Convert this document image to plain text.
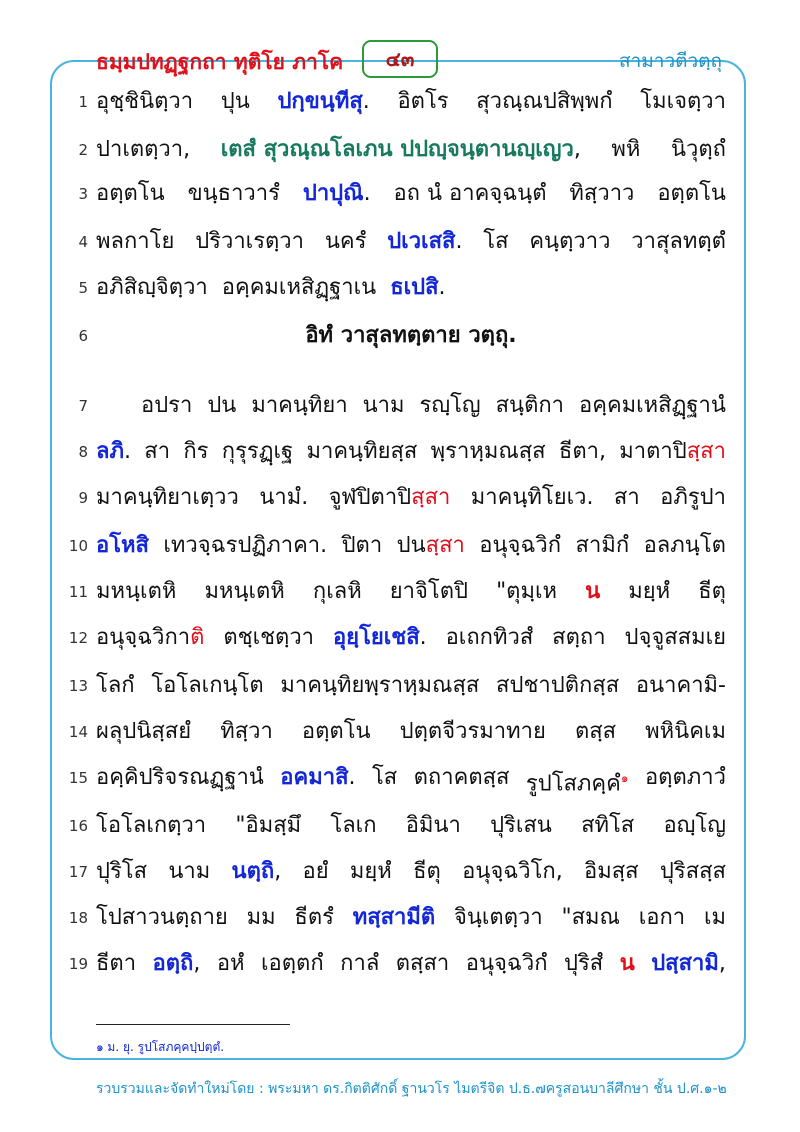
ธมฺมปทฏฺฐกถา ทุติโย ภาโค	๔๓	สามาวตีวตฺถุ
1 อุชฺชินิตฺวา ปุน ปกฺขนฺทีสุ. อิตโร สุวณฺณปสิพฺพกํ โมเจตฺวา
2 ปาเตตฺวา, เตสํ สุวณฺณโลเภน ปปญฺจนฺตานญฺเญว, พหิ นิวุตฺถํ
3 อตฺตโน ขนฺธาวารํ ปาปุณิ. อถ นํ อาคจฺฉนฺตํ ทิสฺวาว อตฺตโน
4 พลกาโย ปริวาเรตฺวา นครํ ปเวเสสิ. โส คนฺตฺวาว วาสุลทตฺตํ
5 อภิสิญฺจิตฺวา อคฺคมเหสิฏฺฐาเน ธเปสิ.
6	อิทํ วาสุลทตฺตาย วตฺถุ.
7 อปรา ปน มาคนฺทิยา นาม รญฺโญ สนฺติกา อคฺคมเหสิฏฺฐานํ
8 ลภิ. สา กิร กุรุรฏฺเฐ มาคนฺทิยสฺส พฺราหฺมณสฺส ธีตา, มาตาปิสฺสา
9 มาคนฺทิยาเตฺวว นามํ. จูฬปิตาปิสฺสา มาคนฺทิโยเว. สา อภิรูปา
10 อโหสิ เทวจฺฉรปฏิภาคา. ปิตา ปนสฺสา อนุจฺฉวิกํ สามิกํ อลภนฺโต
11 มหนฺเตหิ มหนฺเตหิ กุเลหิ ยาจิโตปิ "ตุมฺเห น มยฺหํ ธีตุ
12 อนุจฺฉวิกาติ ตชฺเชตฺวา อุยฺโยเชสิ. อเถกทิวสํ สตฺถา ปจฺจูสสมเย
13 โลกํ โอโลเกนฺโต มาคนฺทิยพฺราหฺมณสฺส สปชาปติกสฺส อนาคามิ-
14 ผลุปนิสฺสยํ ทิสฺวา อตฺตโน ปตฺตจีวรมาทาย ตสฺส พหินิคเม
15 อคฺคิปริจรณฏฺฐานํ อคมาสิ. โส ตถาคตสฺส รูปโสภคฺคํ$^๑$ อตฺตภาวํ
16 โอโลเกตฺวา "อิมสฺมึ โลเก อิมินา ปุริเสน สทิโส อญฺโญ
17 ปุริโส นาม นตฺถิ, อยํ มยฺหํ ธีตุ อนุจฺฉวิโก, อิมสฺส ปุริสสฺส
18 โปสาวนตฺถาย มม ธีตรํ ทสฺสามีติ จินฺเตตฺวา "สมณ เอกา เม
19 ธีตา อตฺถิ, อหํ เอตฺตกํ กาลํ ตสฺสา อนุจฺฉวิกํ ปุริสํ น ปสฺสามิ,
๑ ม. ยุ. รูปโสภคฺคปฺปตฺตํ.
รวบรวมและจัดทำใหม่โดย : พระมหา ดร.กิตติศักดิ์ ฐานวโร ไมตรีจิต ป.ธ.๗ ครูสอนบาลีศึกษา ชั้น ป.ศ.๑-๒
